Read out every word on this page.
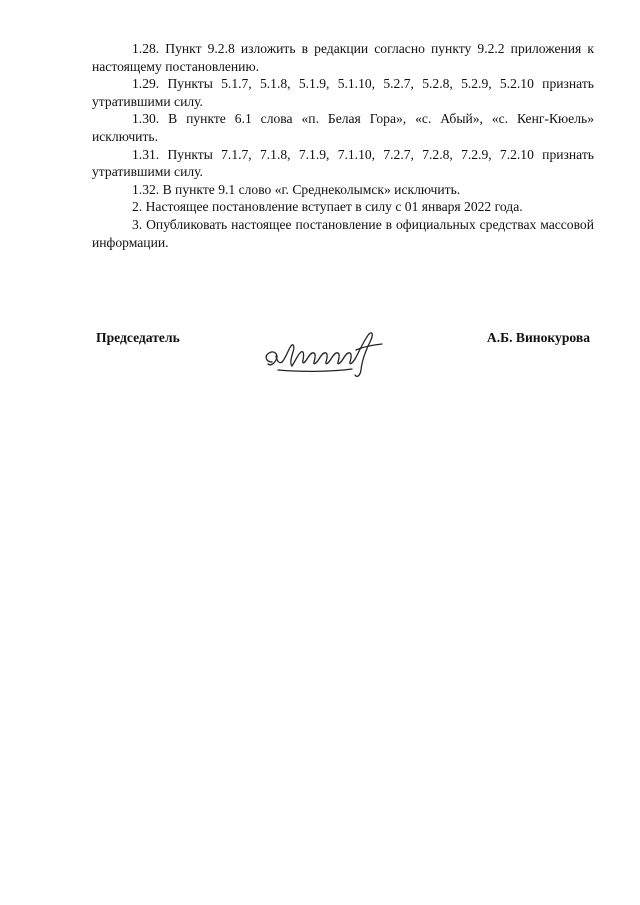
1.28. Пункт 9.2.8 изложить в редакции согласно пункту 9.2.2 приложения к настоящему постановлению.

1.29. Пункты 5.1.7, 5.1.8, 5.1.9, 5.1.10, 5.2.7, 5.2.8, 5.2.9, 5.2.10 признать утратившими силу.

1.30. В пункте 6.1 слова «п. Белая Гора», «с. Абый», «с. Кенг-Кюель» исключить.

1.31. Пункты 7.1.7, 7.1.8, 7.1.9, 7.1.10, 7.2.7, 7.2.8, 7.2.9, 7.2.10 признать утратившими силу.

1.32. В пункте 9.1 слово «г. Среднеколымск» исключить.

2. Настоящее постановление вступает в силу с 01 января 2022 года.

3. Опубликовать настоящее постановление в официальных средствах массовой информации.

Председатель	А.Б. Винокурова
